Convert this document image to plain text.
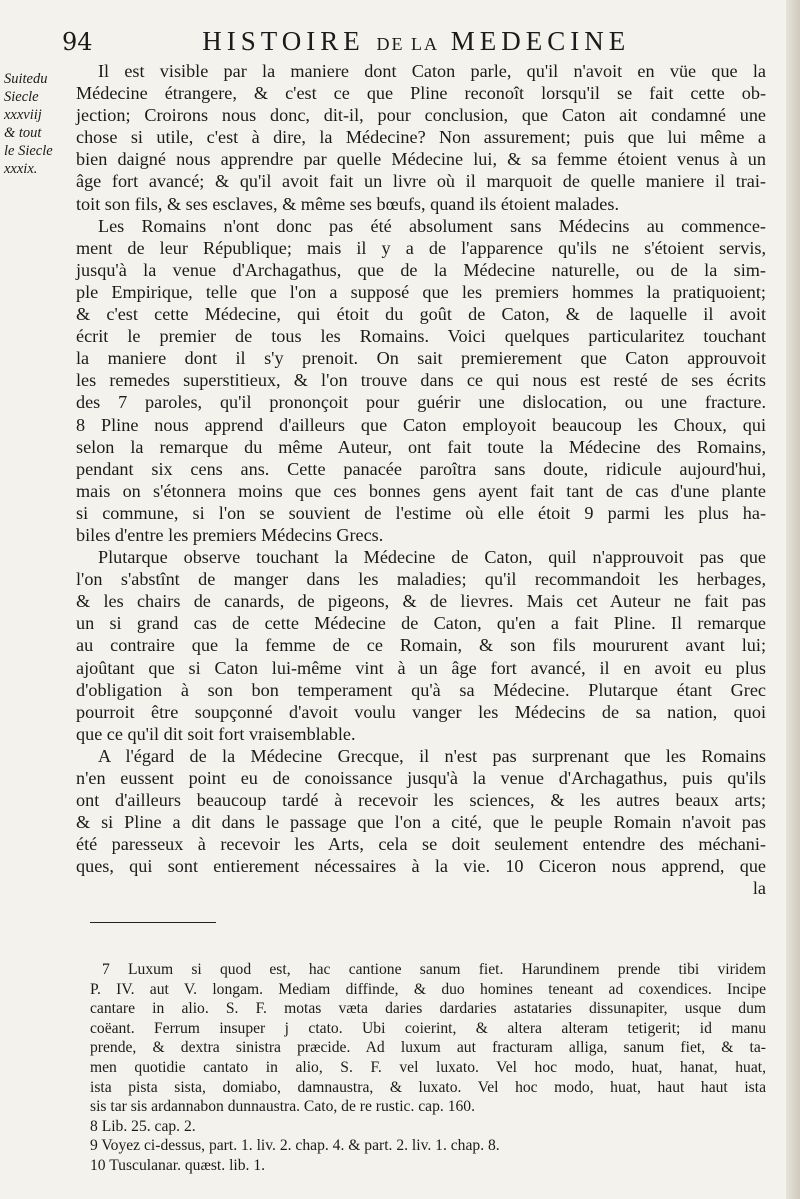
94	HISTOIRE DE LA MEDECINE
Suitedu
Siecle
xxxviij
& tout
le Siecle
xxxix.
Il est visible par la maniere dont Caton parle, qu'il n'avoit en vüe que la
Médecine étrangere, & c'est ce que Pline reconoît lorsqu'il se fait cette ob-
jection; Croirons nous donc, dit-il, pour conclusion, que Caton ait condamné une
chose si utile, c'est à dire, la Médecine? Non assurement; puis que lui même a
bien daigné nous apprendre par quelle Médecine lui, & sa femme étoient venus à un
âge fort avancé; & qu'il avoit fait un livre où il marquoit de quelle maniere il trai-
toit son fils, & ses esclaves, & même ses bœufs, quand ils étoient malades.
Les Romains n'ont donc pas été absolument sans Médecins au commence-
ment de leur République; mais il y a de l'apparence qu'ils ne s'étoient servis,
jusqu'à la venue d'Archagathus, que de la Médecine naturelle, ou de la sim-
ple Empirique, telle que l'on a supposé que les premiers hommes la pratiquoient;
& c'est cette Médecine, qui étoit du goût de Caton, & de laquelle il avoit
écrit le premier de tous les Romains. Voici quelques particularitez touchant
la maniere dont il s'y prenoit. On sait premierement que Caton approuvoit
les remedes superstitieux, & l'on trouve dans ce qui nous est resté de ses écrits
des 7 paroles, qu'il prononçoit pour guérir une dislocation, ou une fracture.
8 Pline nous apprend d'ailleurs que Caton employoit beaucoup les Choux, qui
selon la remarque du même Auteur, ont fait toute la Médecine des Romains,
pendant six cens ans. Cette panacée paroîtra sans doute, ridicule aujourd'hui,
mais on s'étonnera moins que ces bonnes gens ayent fait tant de cas d'une plante
si commune, si l'on se souvient de l'estime où elle étoit 9 parmi les plus ha-
biles d'entre les premiers Médecins Grecs.
Plutarque observe touchant la Médecine de Caton, quil n'approuvoit pas que
l'on s'abstînt de manger dans les maladies; qu'il recommandoit les herbages,
& les chairs de canards, de pigeons, & de lievres. Mais cet Auteur ne fait pas
un si grand cas de cette Médecine de Caton, qu'en a fait Pline. Il remarque
au contraire que la femme de ce Romain, & son fils moururent avant lui;
ajoûtant que si Caton lui-même vint à un âge fort avancé, il en avoit eu plus
d'obligation à son bon temperament qu'à sa Médecine. Plutarque étant Grec
pourroit être soupçonné d'avoit voulu vanger les Médecins de sa nation, quoi
que ce qu'il dit soit fort vraisemblable.
A l'égard de la Médecine Grecque, il n'est pas surprenant que les Romains
n'en eussent point eu de conoissance jusqu'à la venue d'Archagathus, puis qu'ils
ont d'ailleurs beaucoup tardé à recevoir les sciences, & les autres beaux arts;
& si Pline a dit dans le passage que l'on a cité, que le peuple Romain n'avoit pas
été paresseux à recevoir les Arts, cela se doit seulement entendre des méchani-
ques, qui sont entierement nécessaires à la vie. 10 Ciceron nous apprend, que
la
7 Luxum si quod est, hac cantione sanum fiet. Harundinem prende tibi viridem
P. IV. aut V. longam. Mediam diffinde, & duo homines teneant ad coxendices. Incipe
cantare in alio. S. F. motas væta daries dardaries astataries dissunapiter, usque dum
coëant. Ferrum insuper j ctato. Ubi coierint, & altera alteram tetigerit; id manu
prende, & dextra sinistra præcide. Ad luxum aut fracturam alliga, sanum fiet, & ta-
men quotidie cantato in alio, S. F. vel luxato. Vel hoc modo, huat, hanat, huat,
ista pista sista, domiabo, damnaustra, & luxato. Vel hoc modo, huat, haut haut ista
sis tar sis ardannabon dunnaustra. Cato, de re rustic. cap. 160.
8 Lib. 25. cap. 2.
9 Voyez ci-dessus, part. 1. liv. 2. chap. 4. & part. 2. liv. 1. chap. 8.
10 Tusculanar. quæst. lib. 1.
